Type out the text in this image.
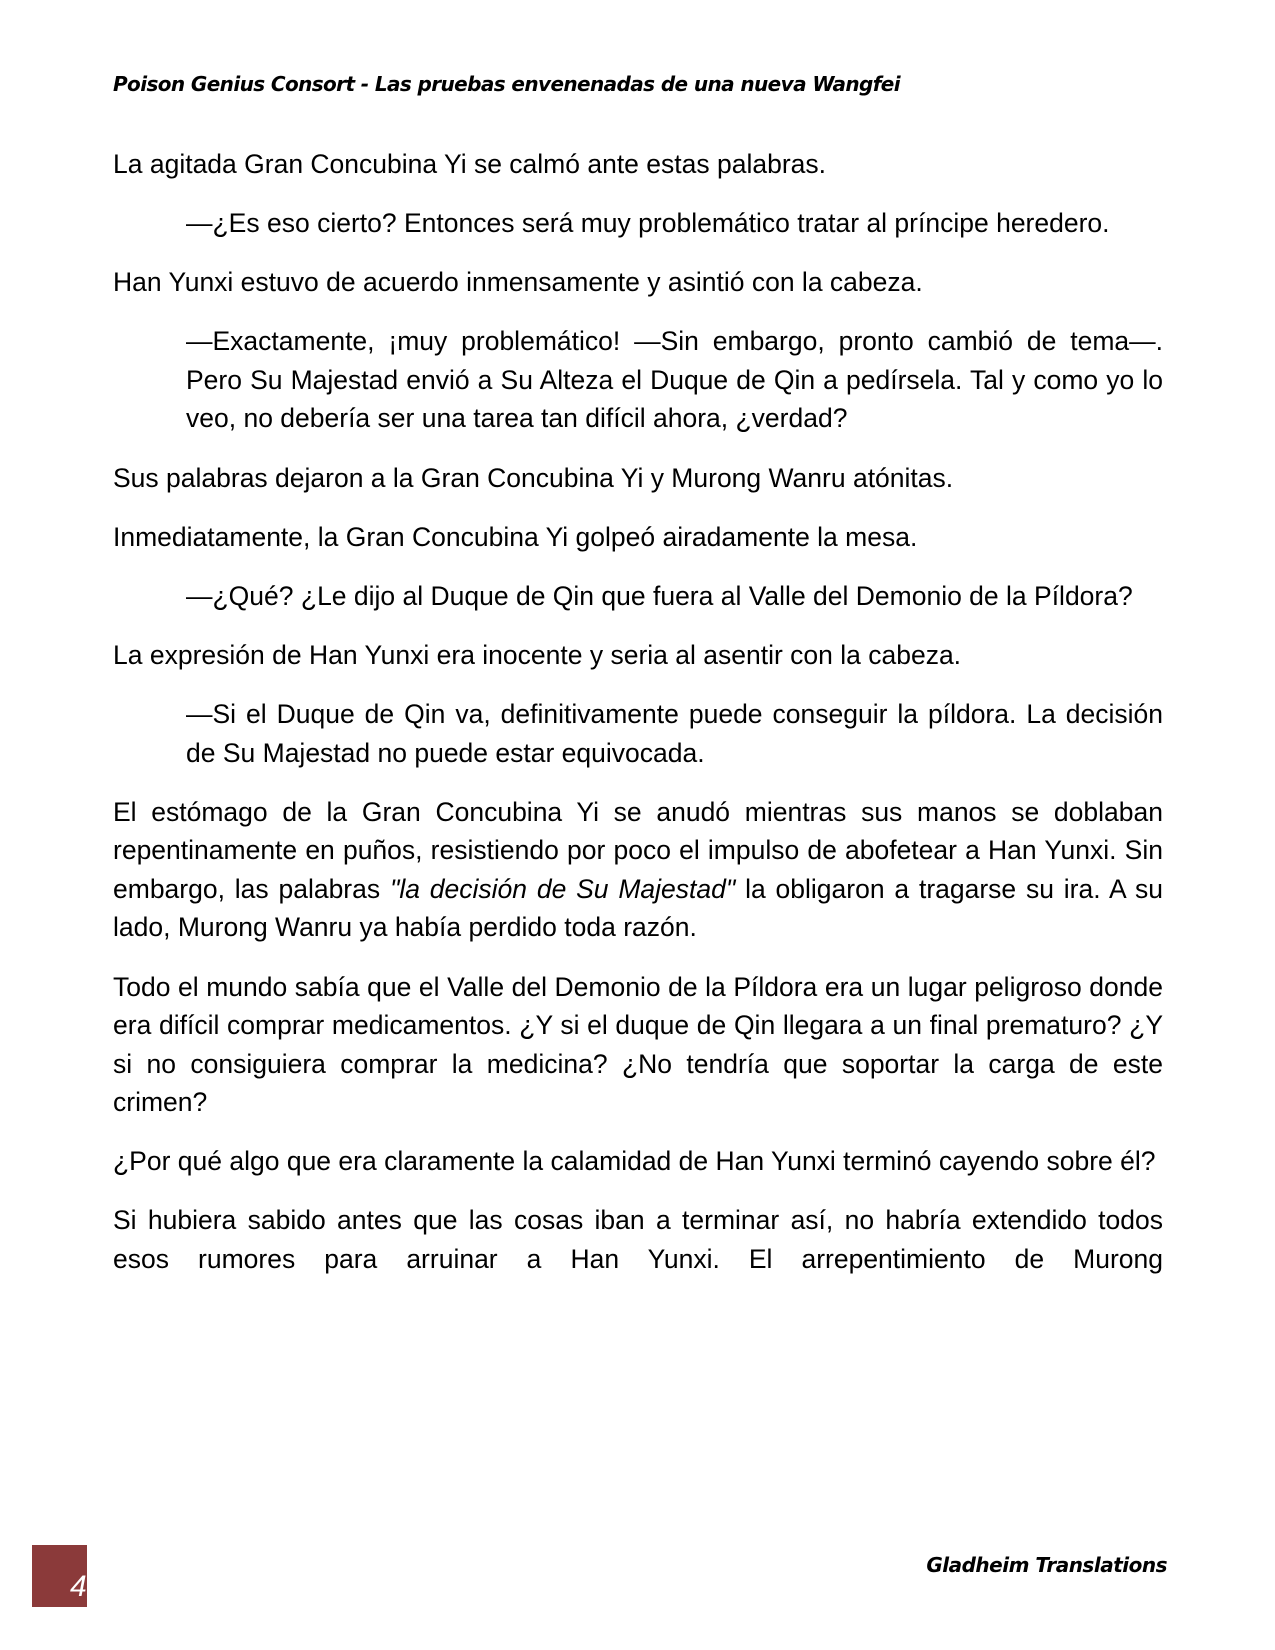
Poison Genius Consort - Las pruebas envenenadas de una nueva Wangfei

La agitada Gran Concubina Yi se calmó ante estas palabras.

—¿Es eso cierto? Entonces será muy problemático tratar al príncipe heredero.

Han Yunxi estuvo de acuerdo inmensamente y asintió con la cabeza.

—Exactamente, ¡muy problemático! —Sin embargo, pronto cambió de tema—. Pero Su Majestad envió a Su Alteza el Duque de Qin a pedírsela. Tal y como yo lo veo, no debería ser una tarea tan difícil ahora, ¿verdad?

Sus palabras dejaron a la Gran Concubina Yi y Murong Wanru atónitas.

Inmediatamente, la Gran Concubina Yi golpeó airadamente la mesa.

—¿Qué? ¿Le dijo al Duque de Qin que fuera al Valle del Demonio de la Píldora?

La expresión de Han Yunxi era inocente y seria al asentir con la cabeza.

—Si el Duque de Qin va, definitivamente puede conseguir la píldora. La decisión de Su Majestad no puede estar equivocada.

El estómago de la Gran Concubina Yi se anudó mientras sus manos se doblaban repentinamente en puños, resistiendo por poco el impulso de abofetear a Han Yunxi. Sin embargo, las palabras "la decisión de Su Majestad" la obligaron a tragarse su ira. A su lado, Murong Wanru ya había perdido toda razón.

Todo el mundo sabía que el Valle del Demonio de la Píldora era un lugar peligroso donde era difícil comprar medicamentos. ¿Y si el duque de Qin llegara a un final prematuro? ¿Y si no consiguiera comprar la medicina? ¿No tendría que soportar la carga de este crimen?

¿Por qué algo que era claramente la calamidad de Han Yunxi terminó cayendo sobre él?

Si hubiera sabido antes que las cosas iban a terminar así, no habría extendido todos esos rumores para arruinar a Han Yunxi. El arrepentimiento de Murong

4
Gladheim Translations
